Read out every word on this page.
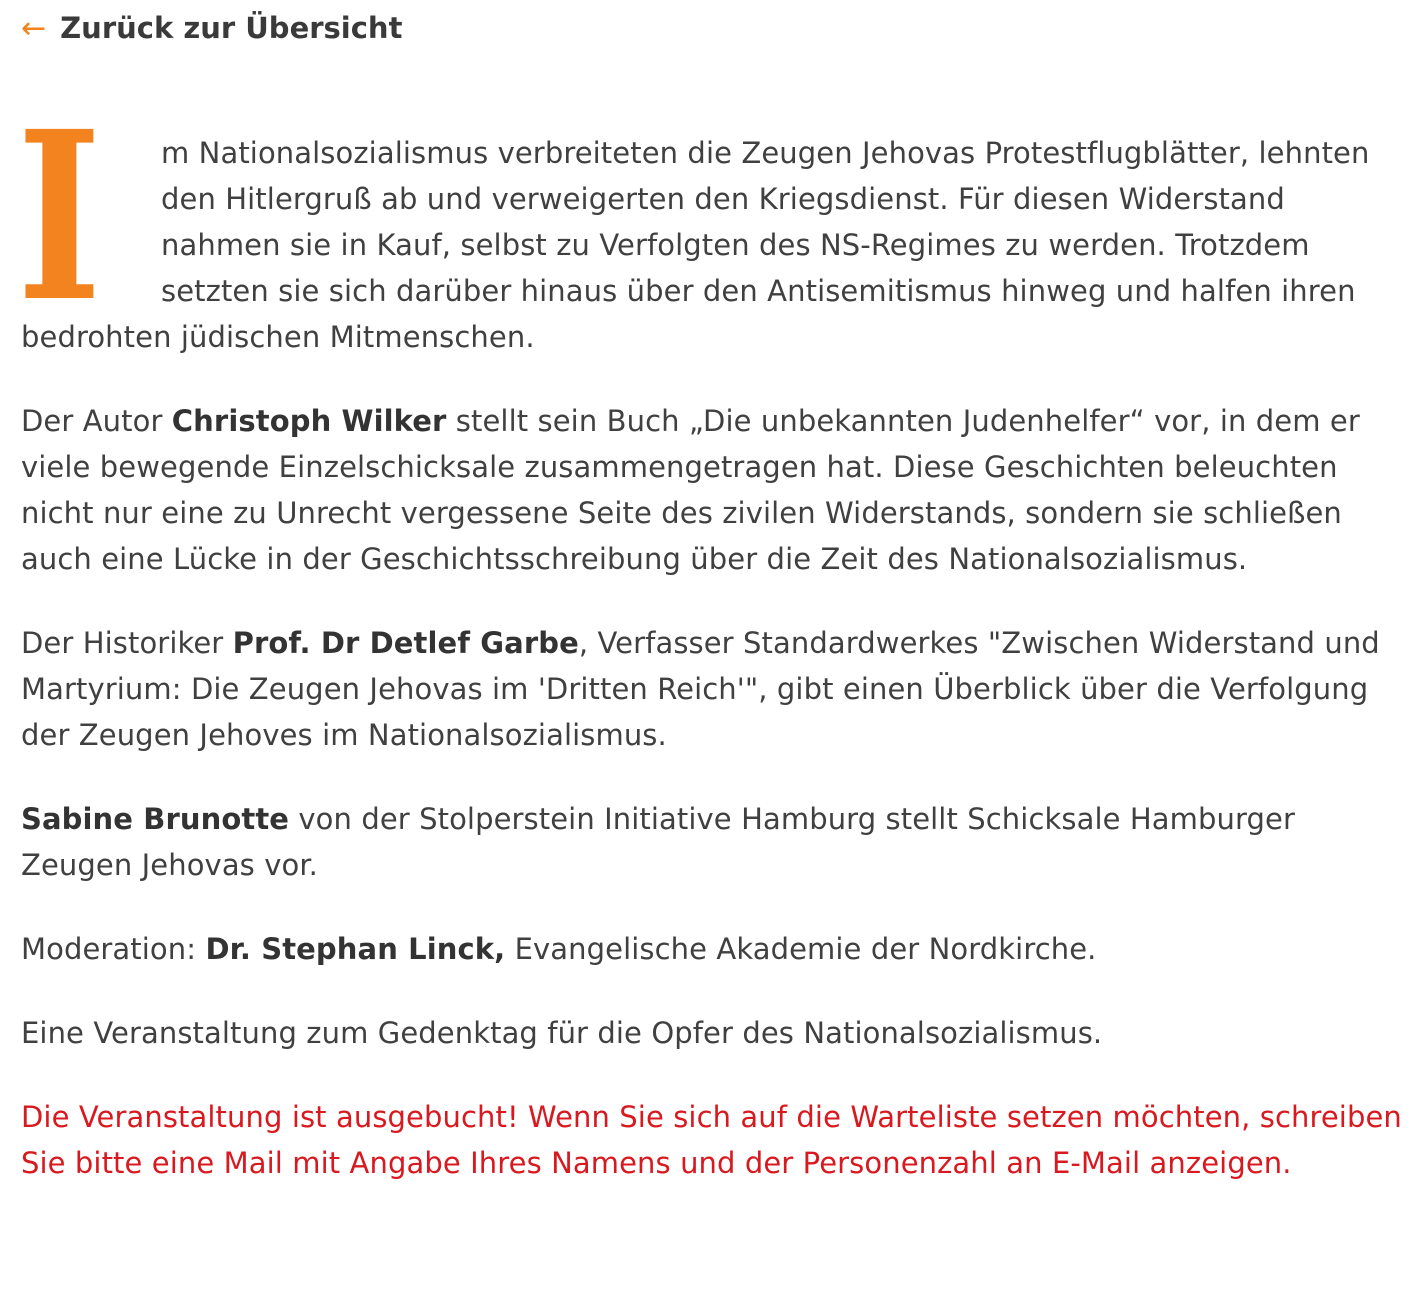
← Zurück zur Übersicht

I m Nationalsozialismus verbreiteten die Zeugen Jehovas Protestflugblätter, lehnten den Hitlergruß ab und verweigerten den Kriegsdienst. Für diesen Widerstand nahmen sie in Kauf, selbst zu Verfolgten des NS-Regimes zu werden. Trotzdem setzten sie sich darüber hinaus über den Antisemitismus hinweg und halfen ihren bedrohten jüdischen Mitmenschen.

Der Autor Christoph Wilker stellt sein Buch „Die unbekannten Judenhelfer“ vor, in dem er viele bewegende Einzelschicksale zusammengetragen hat. Diese Geschichten beleuchten nicht nur eine zu Unrecht vergessene Seite des zivilen Widerstands, sondern sie schließen auch eine Lücke in der Geschichtsschreibung über die Zeit des Nationalsozialismus.

Der Historiker Prof. Dr Detlef Garbe, Verfasser Standardwerkes "Zwischen Widerstand und Martyrium: Die Zeugen Jehovas im 'Dritten Reich'", gibt einen Überblick über die Verfolgung der Zeugen Jehoves im Nationalsozialismus.

Sabine Brunotte von der Stolperstein Initiative Hamburg stellt Schicksale Hamburger Zeugen Jehovas vor.

Moderation: Dr. Stephan Linck, Evangelische Akademie der Nordkirche.

Eine Veranstaltung zum Gedenktag für die Opfer des Nationalsozialismus.

Die Veranstaltung ist ausgebucht! Wenn Sie sich auf die Warteliste setzen möchten, schreiben Sie bitte eine Mail mit Angabe Ihres Namens und der Personenzahl an E-Mail anzeigen.
